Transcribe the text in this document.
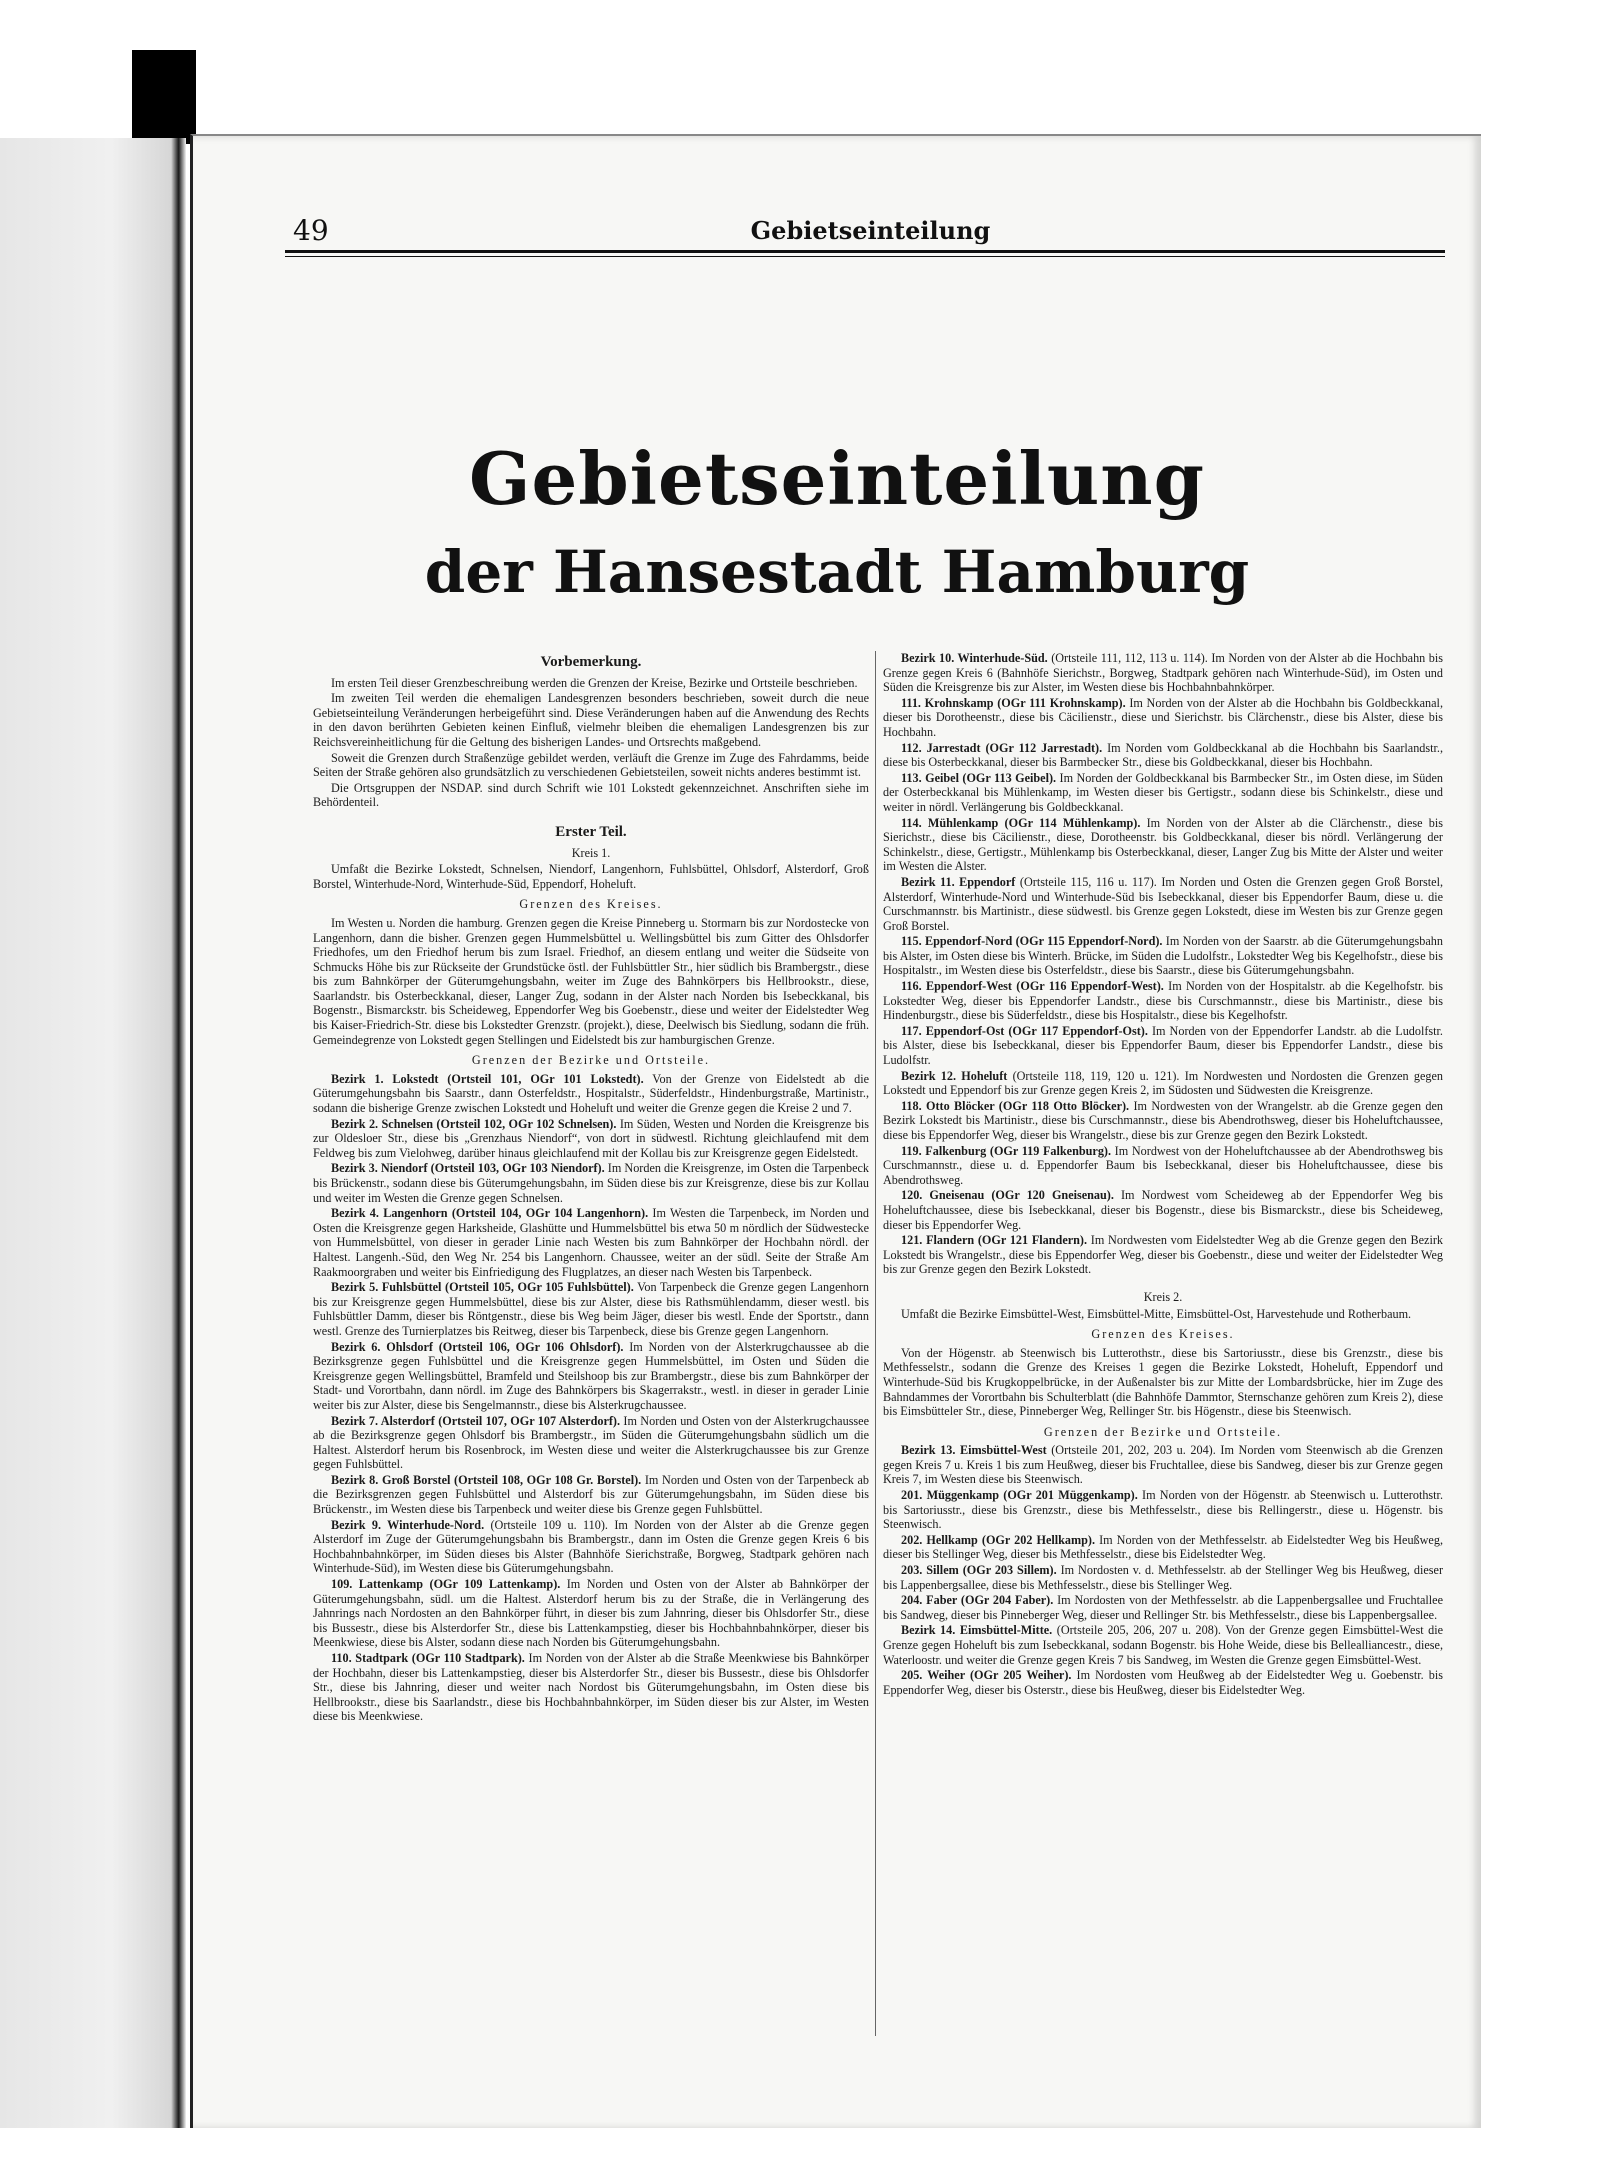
49	Gebietseinteilung
Gebietseinteilung
der Hansestadt Hamburg

Vorbemerkung.

Im ersten Teil dieser Grenzbeschreibung werden die Grenzen der Kreise, Bezirke und Ortsteile beschrieben.

Im zweiten Teil werden die ehemaligen Landesgrenzen besonders beschrieben, soweit durch die neue Gebietseinteilung Veränderungen herbeigeführt sind. Diese Veränderungen haben auf die Anwendung des Rechts in den davon berührten Gebieten keinen Einfluß, vielmehr bleiben die ehemaligen Landesgrenzen bis zur Reichsvereinheitlichung für die Geltung des bisherigen Landes- und Ortsrechts maßgebend.

Soweit die Grenzen durch Straßenzüge gebildet werden, verläuft die Grenze im Zuge des Fahrdamms, beide Seiten der Straße gehören also grundsätzlich zu verschiedenen Gebietsteilen, soweit nichts anderes bestimmt ist.

Die Ortsgruppen der NSDAP. sind durch Schrift wie 101 Lokstedt gekennzeichnet. Anschriften siehe im Behördenteil.

Erster Teil.

Kreis 1.

Umfaßt die Bezirke Lokstedt, Schnelsen, Niendorf, Langenhorn, Fuhlsbüttel, Ohlsdorf, Alsterdorf, Groß Borstel, Winterhude-Nord, Winterhude-Süd, Eppendorf, Hoheluft.

Grenzen des Kreises.

Im Westen u. Norden die hamburg. Grenzen gegen die Kreise Pinneberg u. Stormarn bis zur Nordostecke von Langenhorn, dann die bisher. Grenzen gegen Hummelsbüttel u. Wellingsbüttel bis zum Gitter des Ohlsdorfer Friedhofes, um den Friedhof herum bis zum Israel. Friedhof, an diesem entlang und weiter die Südseite von Schmucks Höhe bis zur Rückseite der Grundstücke östl. der Fuhlsbüttler Str., hier südlich bis Brambergstr., diese bis zum Bahnkörper der Güterumgehungsbahn, weiter im Zuge des Bahnkörpers bis Hellbrookstr., diese, Saarlandstr. bis Osterbeckkanal, dieser, Langer Zug, sodann in der Alster nach Norden bis Isebeckkanal, bis Bogenstr., Bismarckstr. bis Scheideweg, Eppendorfer Weg bis Goebenstr., diese und weiter der Eidelstedter Weg bis Kaiser-Friedrich-Str. diese bis Lokstedter Grenzstr. (projekt.), diese, Deelwisch bis Siedlung, sodann die früh. Gemeindegrenze von Lokstedt gegen Stellingen und Eidelstedt bis zur hamburgischen Grenze.

Grenzen der Bezirke und Ortsteile.

Bezirk 1. Lokstedt (Ortsteil 101, OGr 101 Lokstedt). Von der Grenze von Eidelstedt ab die Güterumgehungsbahn bis Saarstr., dann Osterfeldstr., Hospitalstr., Süderfeldstr., Hindenburgstraße, Martinistr., sodann die bisherige Grenze zwischen Lokstedt und Hoheluft und weiter die Grenze gegen die Kreise 2 und 7.

Bezirk 2. Schnelsen (Ortsteil 102, OGr 102 Schnelsen). Im Süden, Westen und Norden die Kreisgrenze bis zur Oldesloer Str., diese bis „Grenzhaus Niendorf“, von dort in südwestl. Richtung gleichlaufend mit dem Feldweg bis zum Vielohweg, darüber hinaus gleichlaufend mit der Kollau bis zur Kreisgrenze gegen Eidelstedt.

Bezirk 3. Niendorf (Ortsteil 103, OGr 103 Niendorf). Im Norden die Kreisgrenze, im Osten die Tarpenbeck bis Brückenstr., sodann diese bis Güterumgehungsbahn, im Süden diese bis zur Kreisgrenze, diese bis zur Kollau und weiter im Westen die Grenze gegen Schnelsen.

Bezirk 4. Langenhorn (Ortsteil 104, OGr 104 Langenhorn). Im Westen die Tarpenbeck, im Norden und Osten die Kreisgrenze gegen Harksheide, Glashütte und Hummelsbüttel bis etwa 50 m nördlich der Südwestecke von Hummelsbüttel, von dieser in gerader Linie nach Westen bis zum Bahnkörper der Hochbahn nördl. der Haltest. Langenh.-Süd, den Weg Nr. 254 bis Langenhorn. Chaussee, weiter an der südl. Seite der Straße Am Raakmoorgraben und weiter bis Einfriedigung des Flugplatzes, an dieser nach Westen bis Tarpenbeck.

Bezirk 5. Fuhlsbüttel (Ortsteil 105, OGr 105 Fuhlsbüttel). Von Tarpenbeck die Grenze gegen Langenhorn bis zur Kreisgrenze gegen Hummelsbüttel, diese bis zur Alster, diese bis Rathsmühlendamm, dieser westl. bis Fuhlsbüttler Damm, dieser bis Röntgenstr., diese bis Weg beim Jäger, dieser bis westl. Ende der Sportstr., dann westl. Grenze des Turnierplatzes bis Reitweg, dieser bis Tarpenbeck, diese bis Grenze gegen Langenhorn.

Bezirk 6. Ohlsdorf (Ortsteil 106, OGr 106 Ohlsdorf). Im Norden von der Alsterkrugchaussee ab die Bezirksgrenze gegen Fuhlsbüttel und die Kreisgrenze gegen Hummelsbüttel, im Osten und Süden die Kreisgrenze gegen Wellingsbüttel, Bramfeld und Steilshoop bis zur Brambergstr., diese bis zum Bahnkörper der Stadt- und Vorortbahn, dann nördl. im Zuge des Bahnkörpers bis Skagerrakstr., westl. in dieser in gerader Linie weiter bis zur Alster, diese bis Sengelmannstr., diese bis Alsterkrugchaussee.

Bezirk 7. Alsterdorf (Ortsteil 107, OGr 107 Alsterdorf). Im Norden und Osten von der Alsterkrugchaussee ab die Bezirksgrenze gegen Ohlsdorf bis Brambergstr., im Süden die Güterumgehungsbahn südlich um die Haltest. Alsterdorf herum bis Rosenbrock, im Westen diese und weiter die Alsterkrugchaussee bis zur Grenze gegen Fuhlsbüttel.

Bezirk 8. Groß Borstel (Ortsteil 108, OGr 108 Gr. Borstel). Im Norden und Osten von der Tarpenbeck ab die Bezirksgrenzen gegen Fuhlsbüttel und Alsterdorf bis zur Güterumgehungsbahn, im Süden diese bis Brückenstr., im Westen diese bis Tarpenbeck und weiter diese bis Grenze gegen Fuhlsbüttel.

Bezirk 9. Winterhude-Nord. (Ortsteile 109 u. 110). Im Norden von der Alster ab die Grenze gegen Alsterdorf im Zuge der Güterumgehungsbahn bis Brambergstr., dann im Osten die Grenze gegen Kreis 6 bis Hochbahnbahnkörper, im Süden dieses bis Alster (Bahnhöfe Sierichstraße, Borgweg, Stadtpark gehören nach Winterhude-Süd), im Westen diese bis Güterumgehungsbahn.

109. Lattenkamp (OGr 109 Lattenkamp). Im Norden und Osten von der Alster ab Bahnkörper der Güterumgehungsbahn, südl. um die Haltest. Alsterdorf herum bis zu der Straße, die in Verlängerung des Jahnrings nach Nordosten an den Bahnkörper führt, in dieser bis zum Jahnring, dieser bis Ohlsdorfer Str., diese bis Bussestr., diese bis Alsterdorfer Str., diese bis Lattenkampstieg, dieser bis Hochbahnbahnkörper, dieser bis Meenkwiese, diese bis Alster, sodann diese nach Norden bis Güterumgehungsbahn.

110. Stadtpark (OGr 110 Stadtpark). Im Norden von der Alster ab die Straße Meenkwiese bis Bahnkörper der Hochbahn, dieser bis Lattenkampstieg, dieser bis Alsterdorfer Str., dieser bis Bussestr., diese bis Ohlsdorfer Str., diese bis Jahnring, dieser und weiter nach Nordost bis Güterumgehungsbahn, im Osten diese bis Hellbrookstr., diese bis Saarlandstr., diese bis Hochbahnbahnkörper, im Süden dieser bis zur Alster, im Westen diese bis Meenkwiese.

Bezirk 10. Winterhude-Süd. (Ortsteile 111, 112, 113 u. 114). Im Norden von der Alster ab die Hochbahn bis Grenze gegen Kreis 6 (Bahnhöfe Sierichstr., Borgweg, Stadtpark gehören nach Winterhude-Süd), im Osten und Süden die Kreisgrenze bis zur Alster, im Westen diese bis Hochbahnbahnkörper.

111. Krohnskamp (OGr 111 Krohnskamp). Im Norden von der Alster ab die Hochbahn bis Goldbeckkanal, dieser bis Dorotheenstr., diese bis Cäcilienstr., diese und Sierichstr. bis Clärchenstr., diese bis Alster, diese bis Hochbahn.

112. Jarrestadt (OGr 112 Jarrestadt). Im Norden vom Goldbeckkanal ab die Hochbahn bis Saarlandstr., diese bis Osterbeckkanal, dieser bis Barmbecker Str., diese bis Goldbeckkanal, dieser bis Hochbahn.

113. Geibel (OGr 113 Geibel). Im Norden der Goldbeckkanal bis Barmbecker Str., im Osten diese, im Süden der Osterbeckkanal bis Mühlenkamp, im Westen dieser bis Gertigstr., sodann diese bis Schinkelstr., diese und weiter in nördl. Verlängerung bis Goldbeckkanal.

114. Mühlenkamp (OGr 114 Mühlenkamp). Im Norden von der Alster ab die Clärchenstr., diese bis Sierichstr., diese bis Cäcilienstr., diese, Dorotheenstr. bis Goldbeckkanal, dieser bis nördl. Verlängerung der Schinkelstr., diese, Gertigstr., Mühlenkamp bis Osterbeckkanal, dieser, Langer Zug bis Mitte der Alster und weiter im Westen die Alster.

Bezirk 11. Eppendorf (Ortsteile 115, 116 u. 117). Im Norden und Osten die Grenzen gegen Groß Borstel, Alsterdorf, Winterhude-Nord und Winterhude-Süd bis Isebeckkanal, dieser bis Eppendorfer Baum, diese u. die Curschmannstr. bis Martinistr., diese südwestl. bis Grenze gegen Lokstedt, diese im Westen bis zur Grenze gegen Groß Borstel.

115. Eppendorf-Nord (OGr 115 Eppendorf-Nord). Im Norden von der Saarstr. ab die Güterumgehungsbahn bis Alster, im Osten diese bis Winterh. Brücke, im Süden die Ludolfstr., Lokstedter Weg bis Kegelhofstr., diese bis Hospitalstr., im Westen diese bis Osterfeldstr., diese bis Saarstr., diese bis Güterumgehungsbahn.

116. Eppendorf-West (OGr 116 Eppendorf-West). Im Norden von der Hospitalstr. ab die Kegelhofstr. bis Lokstedter Weg, dieser bis Eppendorfer Landstr., diese bis Curschmannstr., diese bis Martinistr., diese bis Hindenburgstr., diese bis Süderfeldstr., diese bis Hospitalstr., diese bis Kegelhofstr.

117. Eppendorf-Ost (OGr 117 Eppendorf-Ost). Im Norden von der Eppendorfer Landstr. ab die Ludolfstr. bis Alster, diese bis Isebeckkanal, dieser bis Eppendorfer Baum, dieser bis Eppendorfer Landstr., diese bis Ludolfstr.

Bezirk 12. Hoheluft (Ortsteile 118, 119, 120 u. 121). Im Nordwesten und Nordosten die Grenzen gegen Lokstedt und Eppendorf bis zur Grenze gegen Kreis 2, im Südosten und Südwesten die Kreisgrenze.

118. Otto Blöcker (OGr 118 Otto Blöcker). Im Nordwesten von der Wrangelstr. ab die Grenze gegen den Bezirk Lokstedt bis Martinistr., diese bis Curschmannstr., diese bis Abendrothsweg, dieser bis Hoheluftchaussee, diese bis Eppendorfer Weg, dieser bis Wrangelstr., diese bis zur Grenze gegen den Bezirk Lokstedt.

119. Falkenburg (OGr 119 Falkenburg). Im Nordwest von der Hoheluftchaussee ab der Abendrothsweg bis Curschmannstr., diese u. d. Eppendorfer Baum bis Isebeckkanal, dieser bis Hoheluftchaussee, diese bis Abendrothsweg.

120. Gneisenau (OGr 120 Gneisenau). Im Nordwest vom Scheideweg ab der Eppendorfer Weg bis Hoheluftchaussee, diese bis Isebeckkanal, dieser bis Bogenstr., diese bis Bismarckstr., diese bis Scheideweg, dieser bis Eppendorfer Weg.

121. Flandern (OGr 121 Flandern). Im Nordwesten vom Eidelstedter Weg ab die Grenze gegen den Bezirk Lokstedt bis Wrangelstr., diese bis Eppendorfer Weg, dieser bis Goebenstr., diese und weiter der Eidelstedter Weg bis zur Grenze gegen den Bezirk Lokstedt.

Kreis 2.

Umfaßt die Bezirke Eimsbüttel-West, Eimsbüttel-Mitte, Eimsbüttel-Ost, Harvestehude und Rotherbaum.

Grenzen des Kreises.

Von der Högenstr. ab Steenwisch bis Lutterothstr., diese bis Sartoriusstr., diese bis Grenzstr., diese bis Methfesselstr., sodann die Grenze des Kreises 1 gegen die Bezirke Lokstedt, Hoheluft, Eppendorf und Winterhude-Süd bis Krugkoppelbrücke, in der Außenalster bis zur Mitte der Lombardsbrücke, hier im Zuge des Bahndammes der Vorortbahn bis Schulterblatt (die Bahnhöfe Dammtor, Sternschanze gehören zum Kreis 2), diese bis Eimsbütteler Str., diese, Pinneberger Weg, Rellinger Str. bis Högenstr., diese bis Steenwisch.

Grenzen der Bezirke und Ortsteile.

Bezirk 13. Eimsbüttel-West (Ortsteile 201, 202, 203 u. 204). Im Norden vom Steenwisch ab die Grenzen gegen Kreis 7 u. Kreis 1 bis zum Heußweg, dieser bis Fruchtallee, diese bis Sandweg, dieser bis zur Grenze gegen Kreis 7, im Westen diese bis Steenwisch.

201. Müggenkamp (OGr 201 Müggenkamp). Im Norden von der Högenstr. ab Steenwisch u. Lutterothstr. bis Sartoriusstr., diese bis Grenzstr., diese bis Methfesselstr., diese bis Rellingerstr., diese u. Högenstr. bis Steenwisch.

202. Hellkamp (OGr 202 Hellkamp). Im Norden von der Methfesselstr. ab Eidelstedter Weg bis Heußweg, dieser bis Stellinger Weg, dieser bis Methfesselstr., diese bis Eidelstedter Weg.

203. Sillem (OGr 203 Sillem). Im Nordosten v. d. Methfesselstr. ab der Stellinger Weg bis Heußweg, dieser bis Lappenbergsallee, diese bis Methfesselstr., diese bis Stellinger Weg.

204. Faber (OGr 204 Faber). Im Nordosten von der Methfesselstr. ab die Lappenbergsallee und Fruchtallee bis Sandweg, dieser bis Pinneberger Weg, dieser und Rellinger Str. bis Methfesselstr., diese bis Lappenbergsallee.

Bezirk 14. Eimsbüttel-Mitte. (Ortsteile 205, 206, 207 u. 208). Von der Grenze gegen Eimsbüttel-West die Grenze gegen Hoheluft bis zum Isebeckkanal, sodann Bogenstr. bis Hohe Weide, diese bis Bellealliancestr., diese, Waterloostr. und weiter die Grenze gegen Kreis 7 bis Sandweg, im Westen die Grenze gegen Eimsbüttel-West.

205. Weiher (OGr 205 Weiher). Im Nordosten vom Heußweg ab der Eidelstedter Weg u. Goebenstr. bis Eppendorfer Weg, dieser bis Osterstr., diese bis Heußweg, dieser bis Eidelstedter Weg.
